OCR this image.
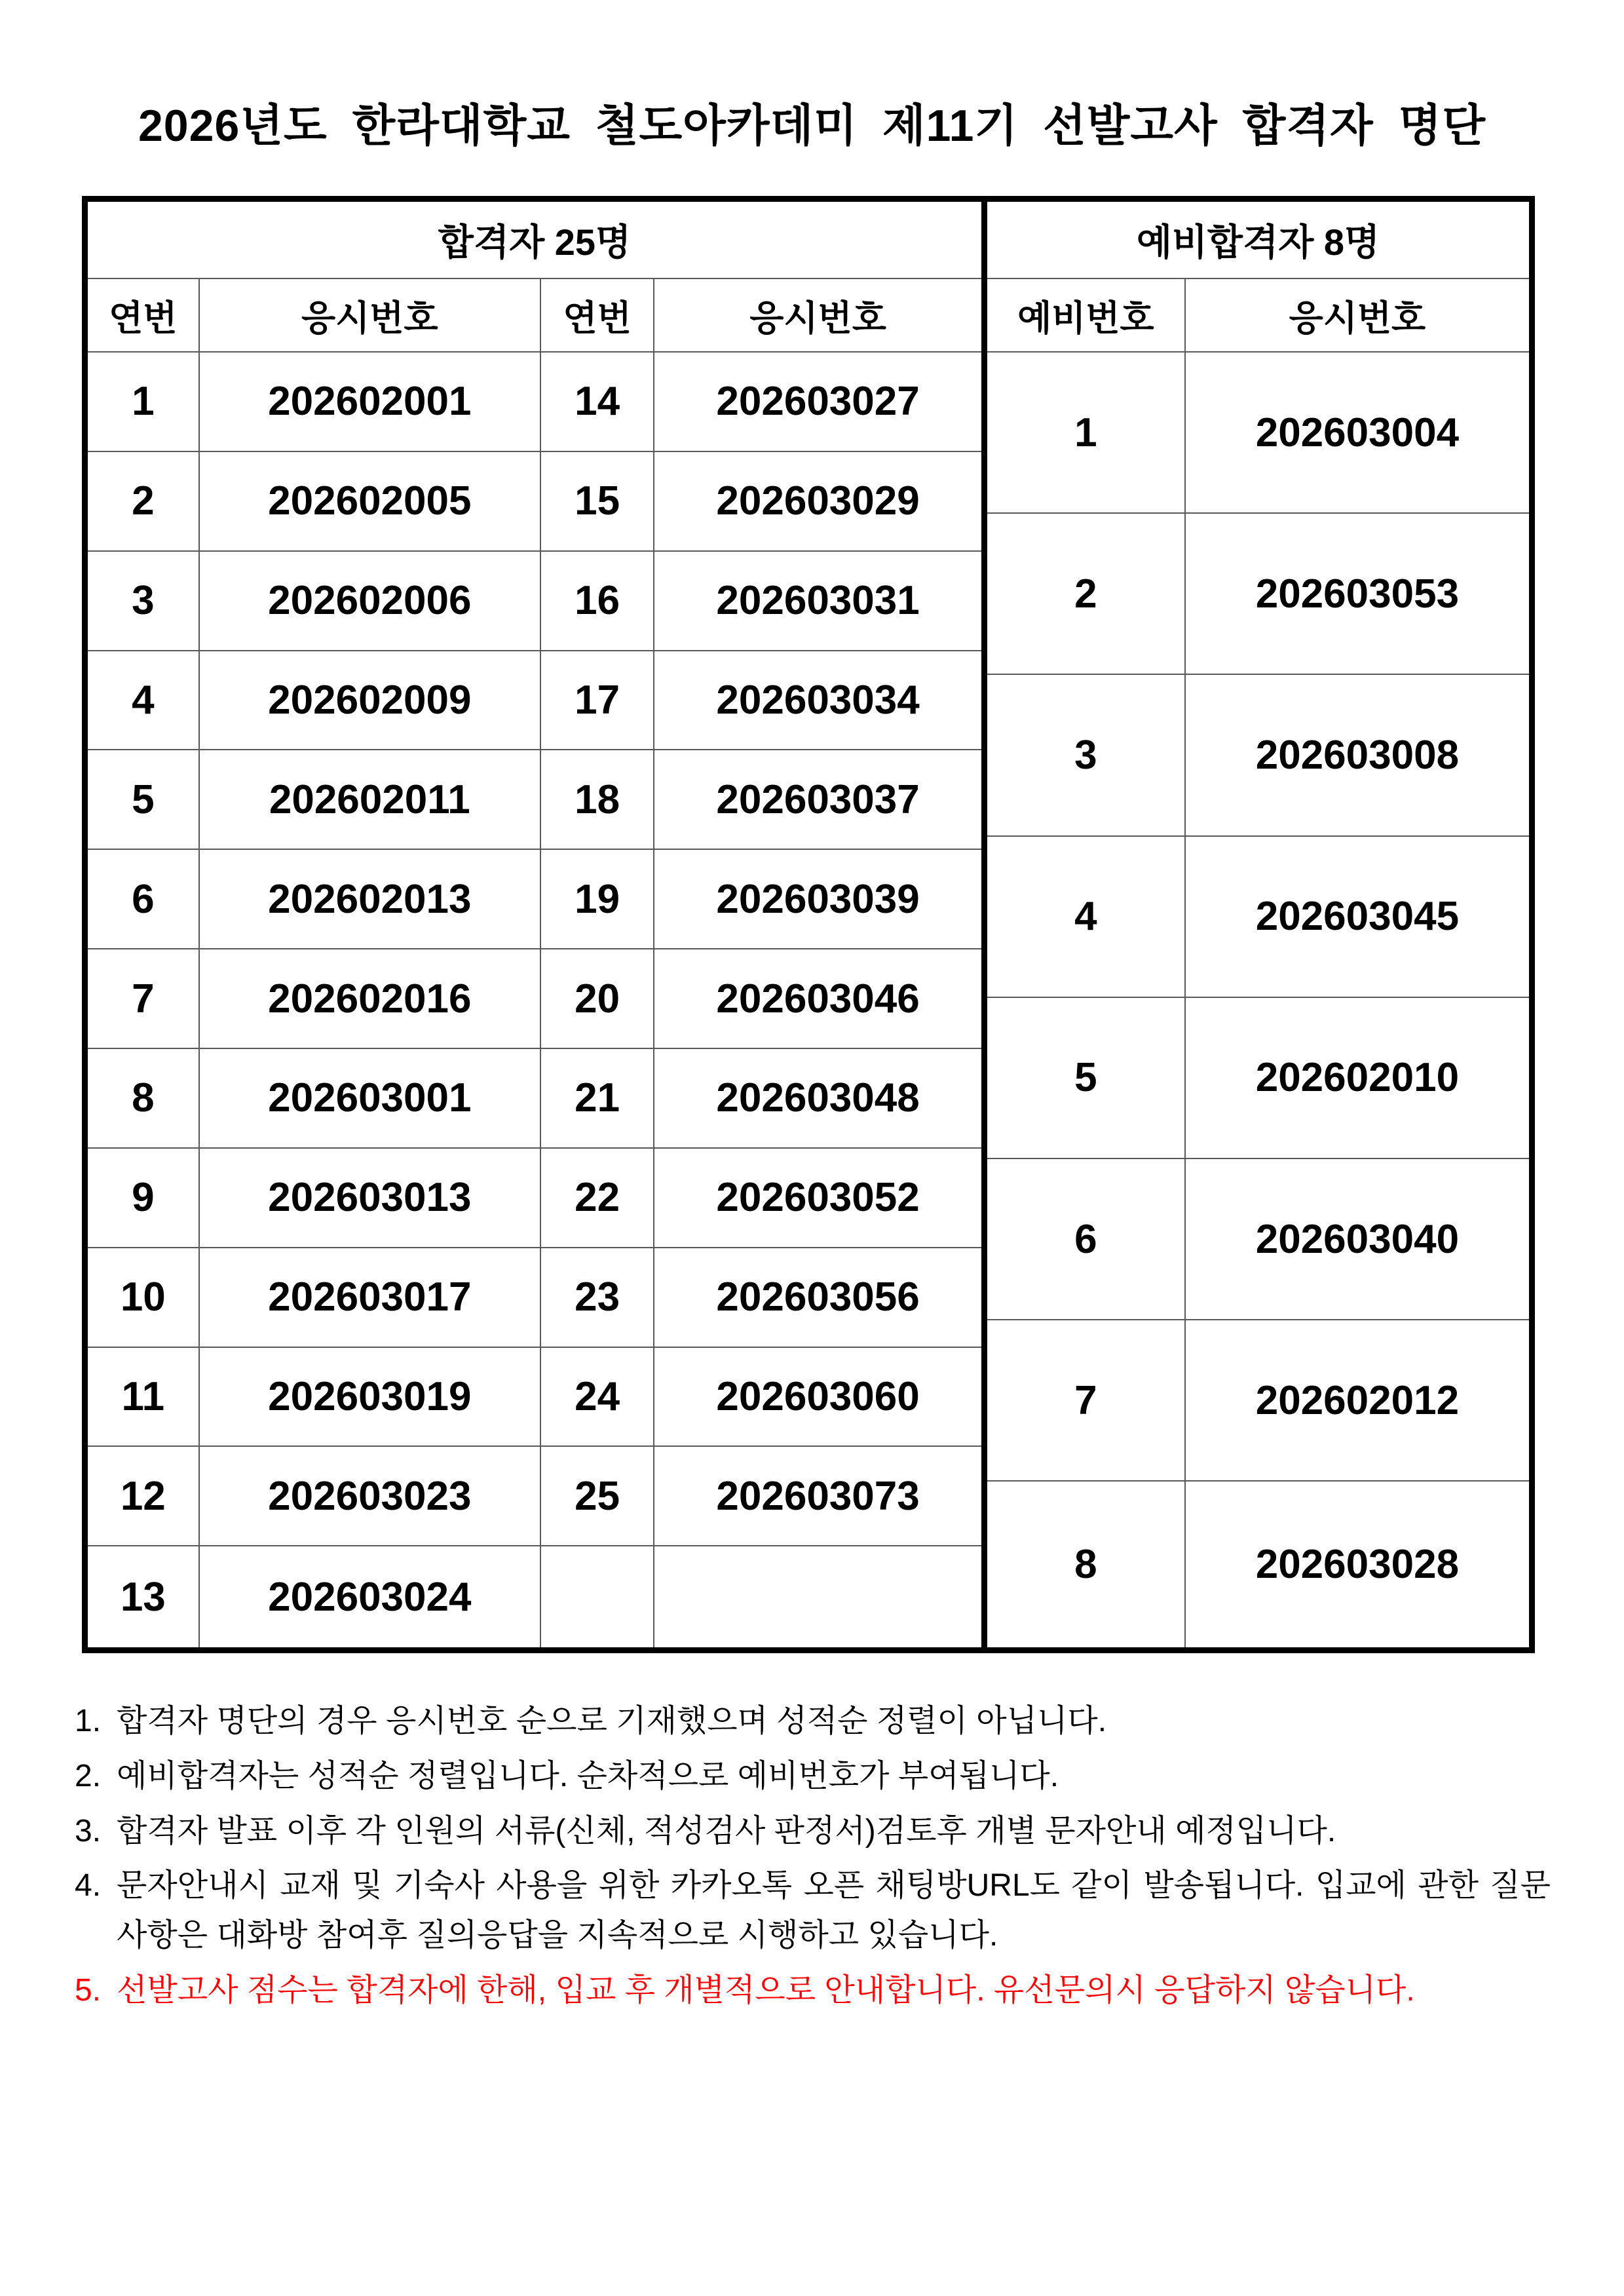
2026년도 한라대학교 철도아카데미 제11기 선발고사 합격자 명단
합격자 25명			
연번	응시번호	연번	응시번호
1	202602001	14	202603027
2	202602005	15	202603029
3	202602006	16	202603031
4	202602009	17	202603034
5	202602011	18	202603037
6	202602013	19	202603039
7	202602016	20	202603046
8	202603001	21	202603048
9	202603013	22	202603052
10	202603017	23	202603056
11	202603019	24	202603060
12	202603023	25	202603073
13	202603024		
예비합격자 8명	
예비번호	응시번호
1	202603004
2	202603053
3	202603008
4	202603045
5	202602010
6	202603040
7	202602012
8	202603028
1. 합격자 명단의 경우 응시번호 순으로 기재했으며 성적순 정렬이 아닙니다.
2. 예비합격자는 성적순 정렬입니다. 순차적으로 예비번호가 부여됩니다.
3. 합격자 발표 이후 각 인원의 서류(신체, 적성검사 판정서)검토후 개별 문자안내 예정입니다.
4. 문자안내시 교재 및 기숙사 사용을 위한 카카오톡 오픈 채팅방URL도 같이 발송됩니다. 입교에 관한 질문 사항은 대화방 참여후 질의응답을 지속적으로 시행하고 있습니다.
5. 선발고사 점수는 합격자에 한해, 입교 후 개별적으로 안내합니다. 유선문의시 응답하지 않습니다.
